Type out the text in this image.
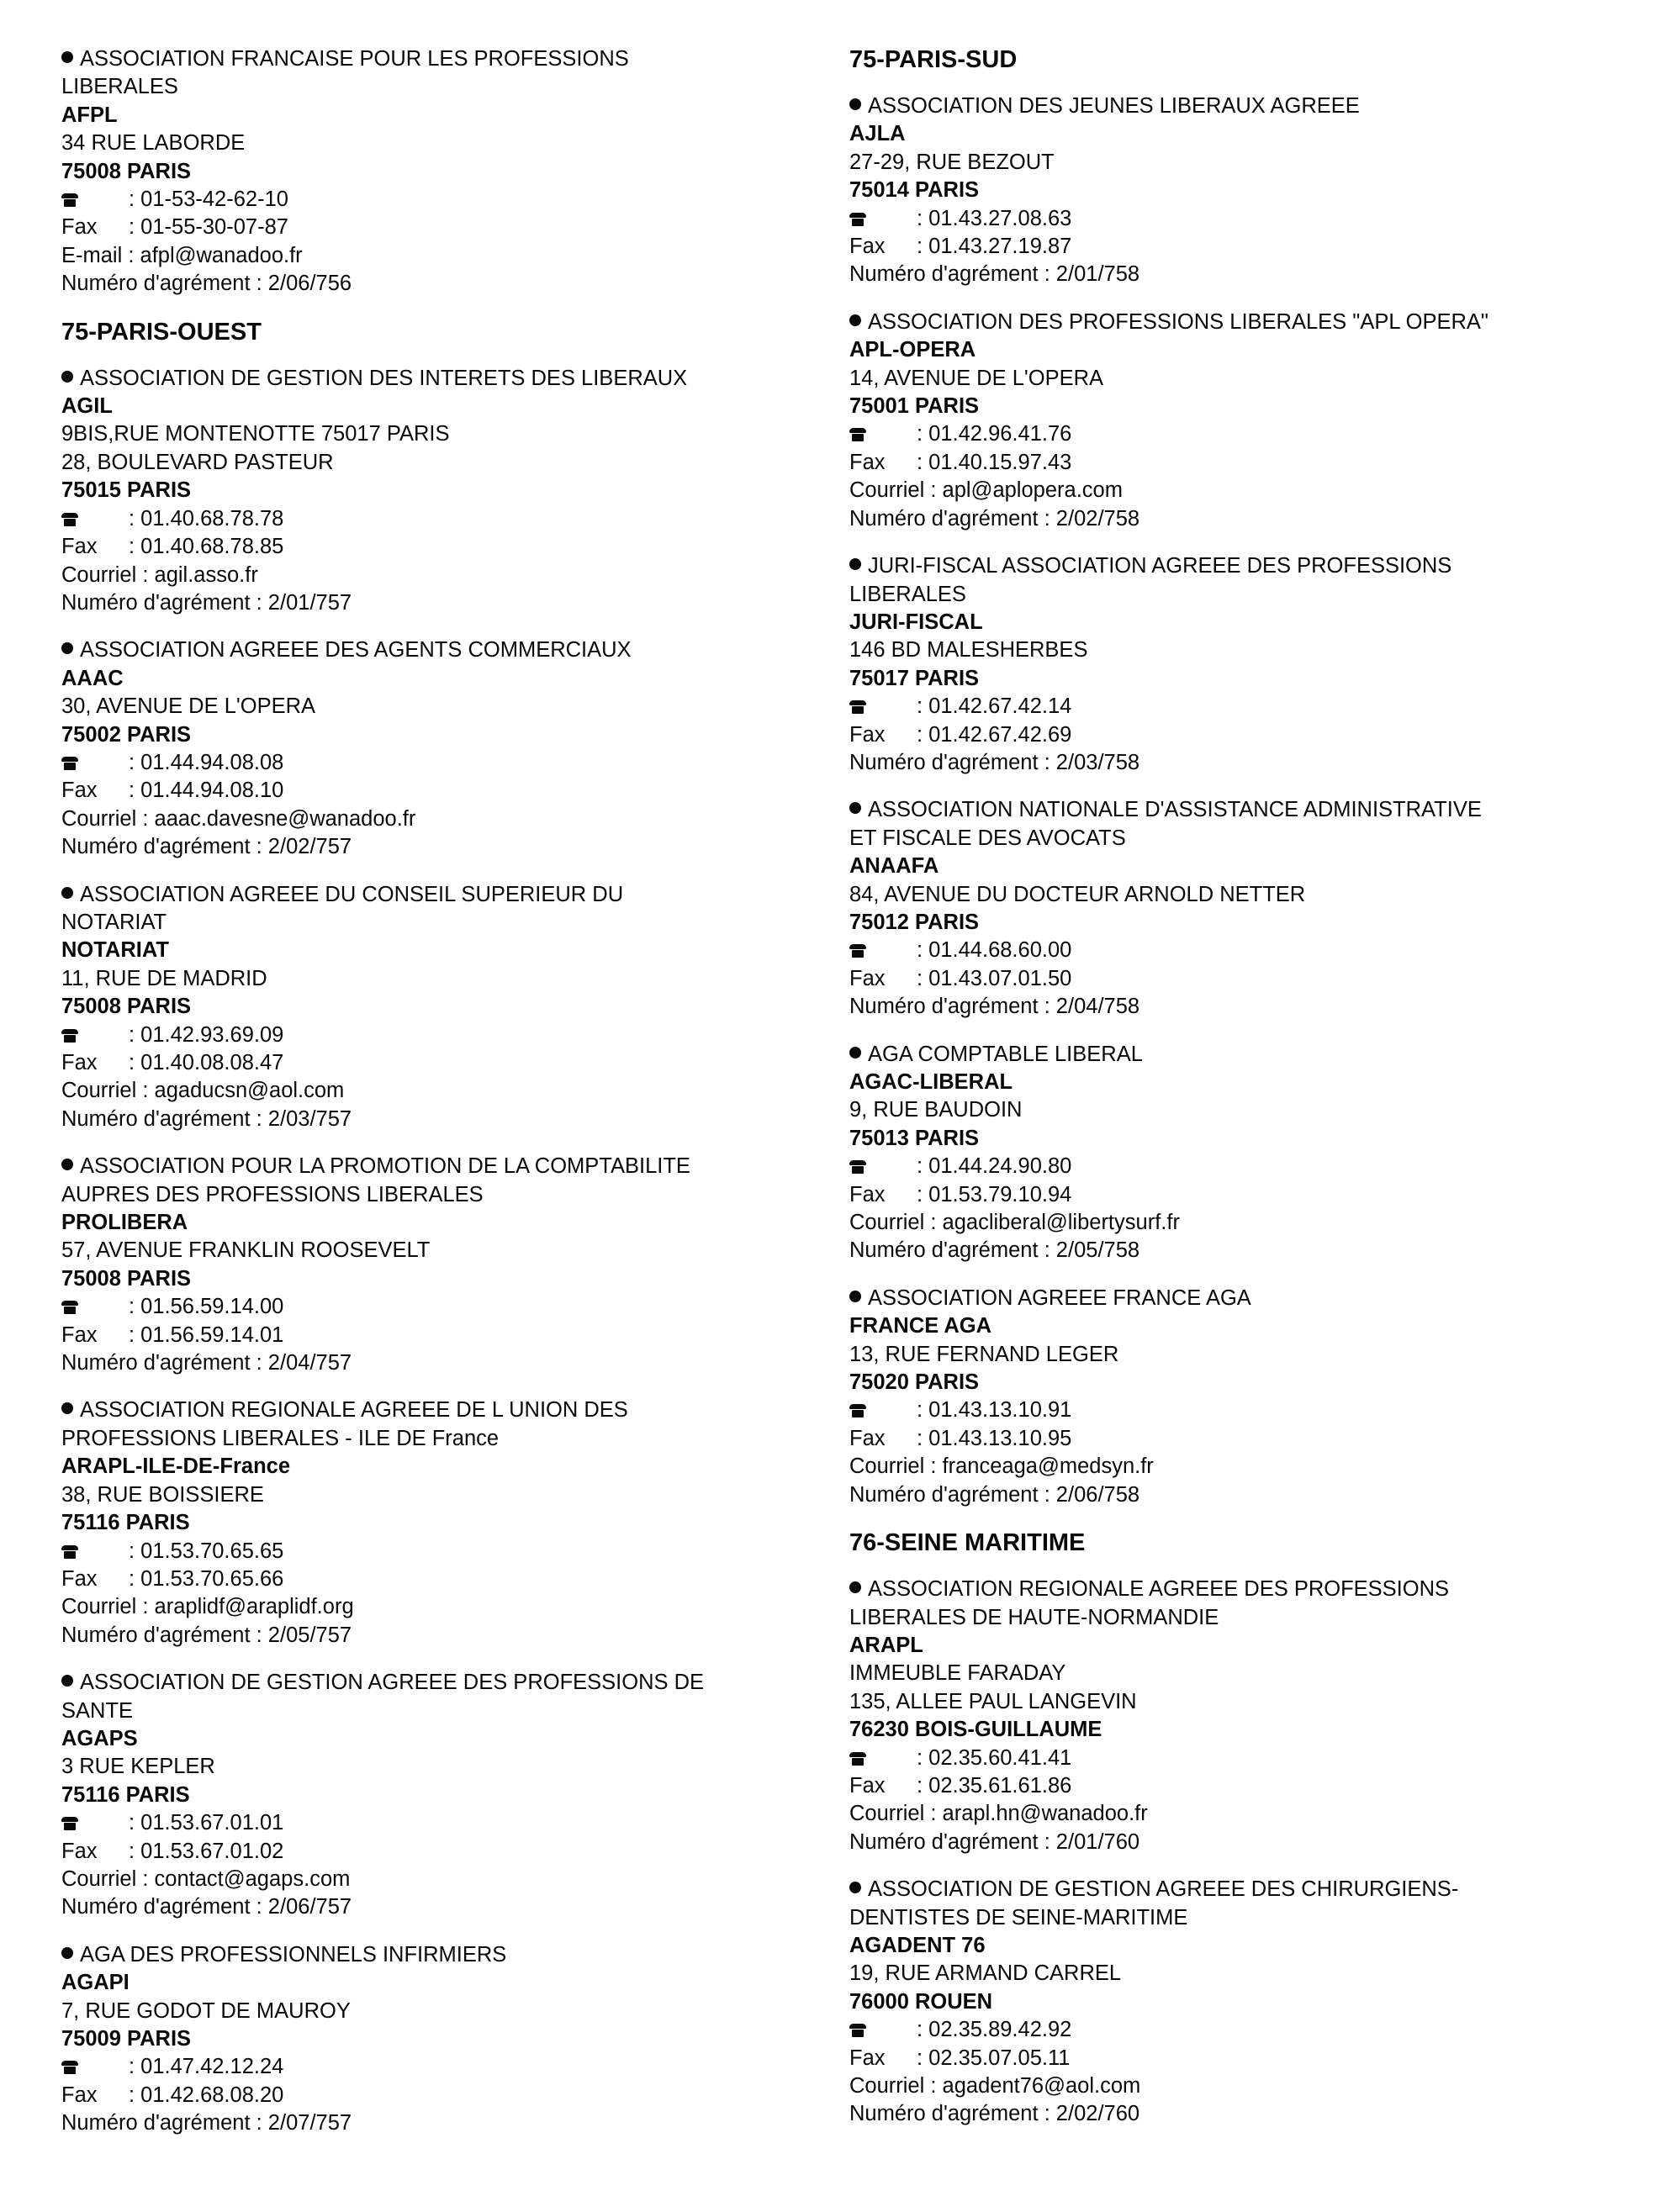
ASSOCIATION FRANCAISE POUR LES PROFESSIONS
LIBERALES
AFPL
34 RUE LABORDE
75008 PARIS
: 01-53-42-62-10
Fax : 01-55-30-07-87
E-mail : afpl@wanadoo.fr
Numéro d'agrément : 2/06/756
75-PARIS-OUEST
ASSOCIATION DE GESTION DES INTERETS DES LIBERAUX
AGIL
9BIS,RUE MONTENOTTE 75017 PARIS
28, BOULEVARD PASTEUR
75015 PARIS
: 01.40.68.78.78
Fax : 01.40.68.78.85
Courriel : agil.asso.fr
Numéro d'agrément : 2/01/757
ASSOCIATION AGREEE DES AGENTS COMMERCIAUX
AAAC
30, AVENUE DE L'OPERA
75002 PARIS
: 01.44.94.08.08
Fax : 01.44.94.08.10
Courriel : aaac.davesne@wanadoo.fr
Numéro d'agrément : 2/02/757
ASSOCIATION AGREEE DU CONSEIL SUPERIEUR DU
NOTARIAT
NOTARIAT
11, RUE DE MADRID
75008 PARIS
: 01.42.93.69.09
Fax : 01.40.08.08.47
Courriel : agaducsn@aol.com
Numéro d'agrément : 2/03/757
ASSOCIATION POUR LA PROMOTION DE LA COMPTABILITE
AUPRES DES PROFESSIONS LIBERALES
PROLIBERA
57, AVENUE FRANKLIN ROOSEVELT
75008 PARIS
: 01.56.59.14.00
Fax : 01.56.59.14.01
Numéro d'agrément : 2/04/757
ASSOCIATION REGIONALE AGREEE DE L UNION DES
PROFESSIONS LIBERALES - ILE DE France
ARAPL-ILE-DE-France
38, RUE BOISSIERE
75116 PARIS
: 01.53.70.65.65
Fax : 01.53.70.65.66
Courriel : araplidf@araplidf.org
Numéro d'agrément : 2/05/757
ASSOCIATION DE GESTION AGREEE DES PROFESSIONS DE
SANTE
AGAPS
3 RUE KEPLER
75116 PARIS
: 01.53.67.01.01
Fax : 01.53.67.01.02
Courriel : contact@agaps.com
Numéro d'agrément : 2/06/757
AGA DES PROFESSIONNELS INFIRMIERS
AGAPI
7, RUE GODOT DE MAUROY
75009 PARIS
: 01.47.42.12.24
Fax : 01.42.68.08.20
Numéro d'agrément : 2/07/757
75-PARIS-SUD
ASSOCIATION DES JEUNES LIBERAUX AGREEE
AJLA
27-29, RUE BEZOUT
75014 PARIS
: 01.43.27.08.63
Fax : 01.43.27.19.87
Numéro d'agrément : 2/01/758
ASSOCIATION DES PROFESSIONS LIBERALES "APL OPERA"
APL-OPERA
14, AVENUE DE L'OPERA
75001 PARIS
: 01.42.96.41.76
Fax : 01.40.15.97.43
Courriel : apl@aplopera.com
Numéro d'agrément : 2/02/758
JURI-FISCAL ASSOCIATION AGREEE DES PROFESSIONS
LIBERALES
JURI-FISCAL
146 BD MALESHERBES
75017 PARIS
: 01.42.67.42.14
Fax : 01.42.67.42.69
Numéro d'agrément : 2/03/758
ASSOCIATION NATIONALE D'ASSISTANCE ADMINISTRATIVE
ET FISCALE DES AVOCATS
ANAAFA
84, AVENUE DU DOCTEUR ARNOLD NETTER
75012 PARIS
: 01.44.68.60.00
Fax : 01.43.07.01.50
Numéro d'agrément : 2/04/758
AGA COMPTABLE LIBERAL
AGAC-LIBERAL
9, RUE BAUDOIN
75013 PARIS
: 01.44.24.90.80
Fax : 01.53.79.10.94
Courriel : agacliberal@libertysurf.fr
Numéro d'agrément : 2/05/758
ASSOCIATION AGREEE FRANCE AGA
FRANCE AGA
13, RUE FERNAND LEGER
75020 PARIS
: 01.43.13.10.91
Fax : 01.43.13.10.95
Courriel : franceaga@medsyn.fr
Numéro d'agrément : 2/06/758
76-SEINE MARITIME
ASSOCIATION REGIONALE AGREEE DES PROFESSIONS
LIBERALES DE HAUTE-NORMANDIE
ARAPL
IMMEUBLE FARADAY
135, ALLEE PAUL LANGEVIN
76230 BOIS-GUILLAUME
: 02.35.60.41.41
Fax : 02.35.61.61.86
Courriel : arapl.hn@wanadoo.fr
Numéro d'agrément : 2/01/760
ASSOCIATION DE GESTION AGREEE DES CHIRURGIENS-
DENTISTES DE SEINE-MARITIME
AGADENT 76
19, RUE ARMAND CARREL
76000 ROUEN
: 02.35.89.42.92
Fax : 02.35.07.05.11
Courriel : agadent76@aol.com
Numéro d'agrément : 2/02/760
